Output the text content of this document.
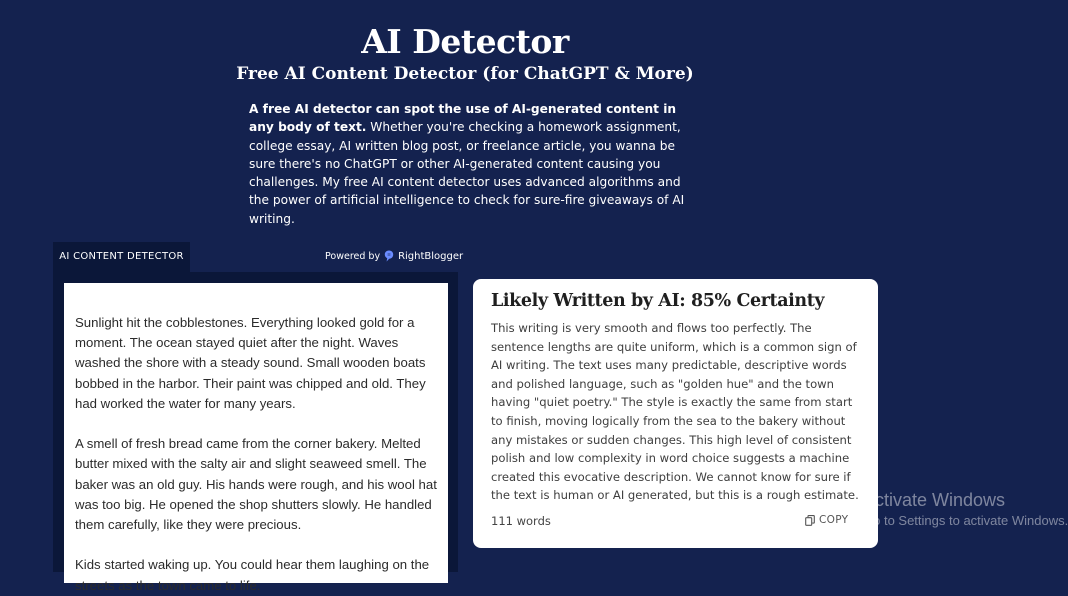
AI Detector
Free AI Content Detector (for ChatGPT & More)

A free AI detector can spot the use of AI-generated content in any body of text. Whether you're checking a homework assignment, college essay, AI written blog post, or freelance article, you wanna be sure there's no ChatGPT or other AI-generated content causing you challenges. My free AI content detector uses advanced algorithms and the power of artificial intelligence to check for sure-fire giveaways of AI writing.

AI CONTENT DETECTOR	Powered by RightBlogger

Sunlight hit the cobblestones. Everything looked gold for a moment. The ocean stayed quiet after the night. Waves washed the shore with a steady sound. Small wooden boats bobbed in the harbor. Their paint was chipped and old. They had worked the water for many years.

A smell of fresh bread came from the corner bakery. Melted butter mixed with the salty air and slight seaweed smell. The baker was an old guy. His hands were rough, and his wool hat was too big. He opened the shop shutters slowly. He handled them carefully, like they were precious.

Kids started waking up. You could hear them laughing on the streets as the town came to life.

Likely Written by AI: 85% Certainty

This writing is very smooth and flows too perfectly. The sentence lengths are quite uniform, which is a common sign of AI writing. The text uses many predictable, descriptive words and polished language, such as "golden hue" and the town having "quiet poetry." The style is exactly the same from start to finish, moving logically from the sea to the bakery without any mistakes or sudden changes. This high level of consistent polish and low complexity in word choice suggests a machine created this evocative description. We cannot know for sure if the text is human or AI generated, but this is a rough estimate.

111 words	COPY
Activate Windows
Go to Settings to activate Windows.
